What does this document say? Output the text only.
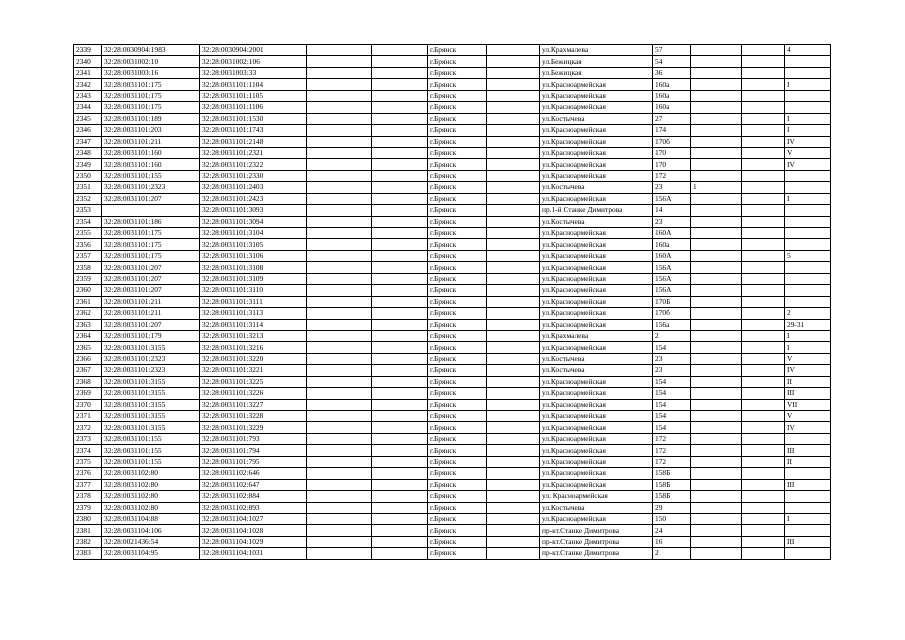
2339	32:28:0030904:1983	32:28:0030904:2001			г.Брянск		ул.Крахмалева	57			4
2340	32:28:0031002:10	32:28:0031002:106			г.Брянск		ул.Бежицкая	54			
2341	32:28:0031003:16	32:28:0031003:33			г.Брянск		ул.Бежицкая	36			
2342	32:28:0031101:175	32:28:0031101:1104			г.Брянск		ул.Красноармейская	160а			I
2343	32:28:0031101:175	32:28:0031101:1105			г.Брянск		ул.Красноармейская	160а			
2344	32:28:0031101:175	32:28:0031101:1106			г.Брянск		ул.Красноармейская	160а			
2345	32:28:0031101:189	32:28:0031101:1530			г.Брянск		ул.Костычева	27			I
2346	32:28:0031101:203	32:28:0031101:1743			г.Брянск		ул.Красноармейская	174			I
2347	32:28:0031101:211	32:28:0031101:2148			г.Брянск		ул.Красноармейская	170б			IV
2348	32:28:0031101:160	32:28:0031101:2321			г.Брянск		ул.Красноармейская	170			V
2349	32:28:0031101:160	32:28:0031101:2322			г.Брянск		ул.Красноармейская	170			IV
2350	32:28:0031101:155	32:28:0031101:2330			г.Брянск		ул.Красноармейская	172			
2351	32:28:0031101:2323	32:28:0031101:2403			г.Брянск		ул.Костычева	23	1		
2352	32:28:0031101:207	32:28:0031101:2423			г.Брянск		ул.Красноармейская	156А			I
2353		32:28:0031101:3093			г.Брянск		пр.1-й Станке Димитрова	14			
2354	32:28:0031101:186	32:28:0031101:3094			г.Брянск		ул.Костычева	23			
2355	32:28:0031101:175	32:28:0031101:3104			г.Брянск		ул.Красноармейская	160А			
2356	32:28:0031101:175	32:28:0031101:3105			г.Брянск		ул.Красноармейская	160а			
2357	32:28:0031101:175	32:28:0031101:3106			г.Брянск		ул.Красноармейская	160А			5
2358	32:28:0031101:207	32:28:0031101:3108			г.Брянск		ул.Красноармейская	156А			
2359	32:28:0031101:207	32:28:0031101:3109			г.Брянск		ул.Красноармейская	156А			
2360	32:28:0031101:207	32:28:0031101:3110			г.Брянск		ул.Красноармейская	156А			
2361	32:28:0031101:211	32:28:0031101:3111			г.Брянск		ул.Красноармейская	170Б			
2362	32:28:0031101:211	32:28:0031101:3113			г.Брянск		ул.Красноармейская	170б			2
2363	32:28:0031101:207	32:28:0031101:3114			г.Брянск		ул.Красноармейская	156а			29-31
2364	32:28:0031101:179	32:28:0031101:3213			г.Брянск		ул.Крахмалева	2			I
2365	32:28:0031101:3155	32:28:0031101:3216			г.Брянск		ул.Красноармейская	154			I
2366	32:28:0031101:2323	32:28:0031101:3220			г.Брянск		ул.Костычева	23			V
2367	32:28:0031101:2323	32:28:0031101:3221			г.Брянск		ул.Костычева	23			IV
2368	32:28:0031101:3155	32:28:0031101:3225			г.Брянск		ул.Красноармейская	154			II
2369	32:28:0031101:3155	32:28:0031101:3226			г.Брянск		ул.Красноармейская	154			III
2370	32:28:0031101:3155	32:28:0031101:3227			г.Брянск		ул.Красноармейская	154			VII
2371	32:28:0031101:3155	32:28:0031101:3228			г.Брянск		ул.Красноармейская	154			V
2372	32:28:0031101:3155	32:28:0031101:3229			г.Брянск		ул.Красноармейская	154			IV
2373	32:28:0031101:155	32:28:0031101:793			г.Брянск		ул.Красноармейская	172			
2374	32:28:0031101:155	32:28:0031101:794			г.Брянск		ул.Красноармейская	172			III
2375	32:28:0031101:155	32:28:0031101:795			г.Брянск		ул.Красноармейская	172			II
2376	32:28:0031102:80	32:28:0031102:646			г.Брянск		ул.Красноармейская	158Б			
2377	32:28:0031102:80	32:28:0031102:647			г.Брянск		ул.Красноармейская	158Б			III
2378	32:28:0031102:80	32:28:0031102:884			г.Брянск		ул. Красноармейская	158Б			
2379	32:28:0031102:80	32:28:0031102:893			г.Брянск		ул.Костычева	29			
2380	32:28:0031104:88	32:28:0031104:1027			г.Брянск		ул.Красноармейская	150			I
2381	32:28:0031104:106	32:28:0031104:1028			г.Брянск		пр-кт.Станке Димитрова	24			
2382	32:28:0021436:54	32:28:0031104:1029			г.Брянск		пр-кт.Станке Димитрова	16			III
2383	32:28:0031104:95	32:28:0031104:1031			г.Брянск		пр-кт.Станке Димитрова	2			
